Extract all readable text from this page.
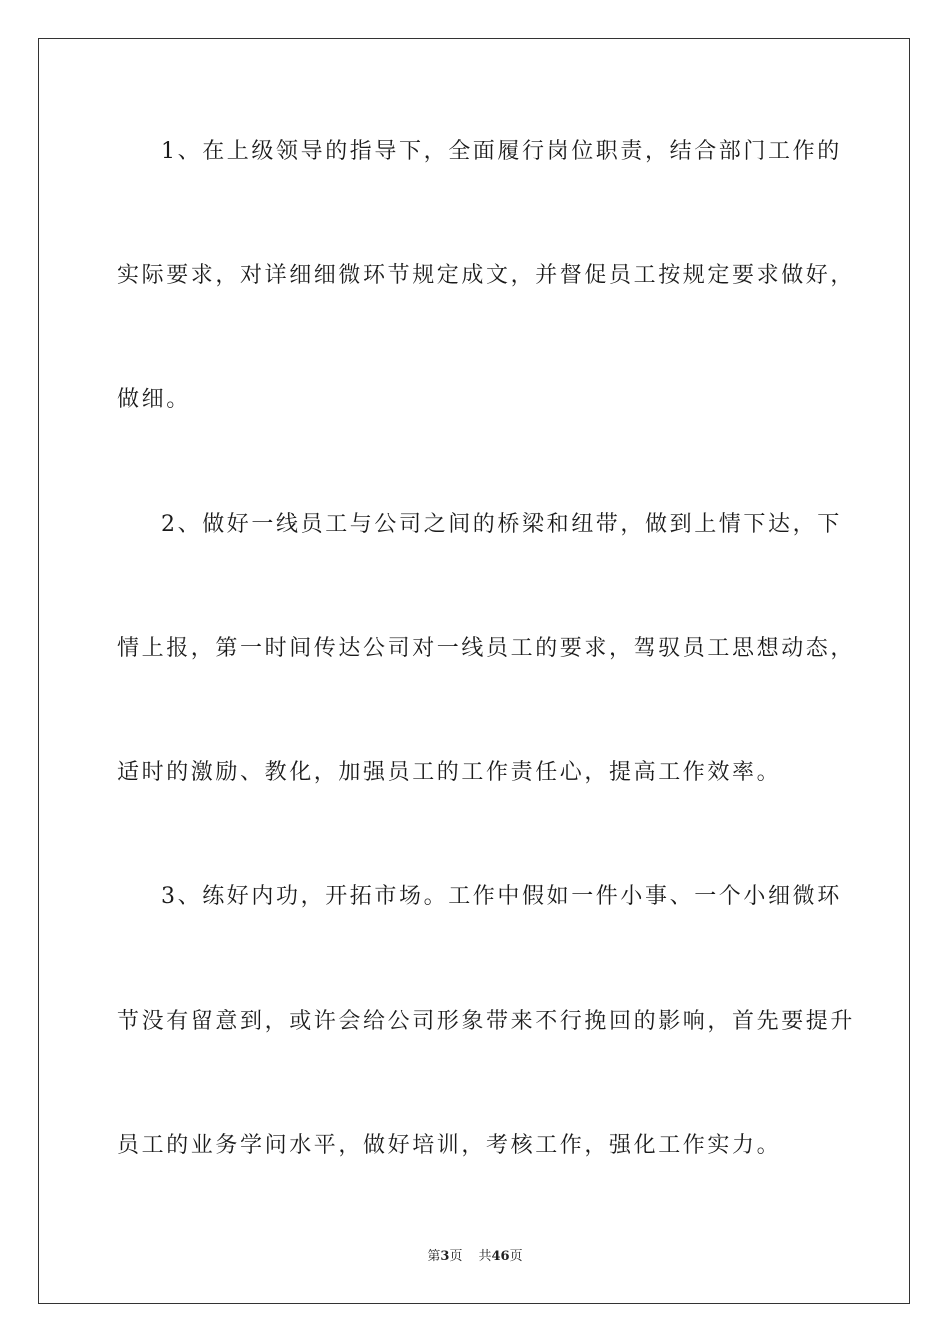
1、在上级领导的指导下，全面履行岗位职责，结合部门工作的
实际要求，对详细细微环节规定成文，并督促员工按规定要求做好，
做细。
2、做好一线员工与公司之间的桥梁和纽带，做到上情下达，下
情上报，第一时间传达公司对一线员工的要求，驾驭员工思想动态，
适时的激励、教化，加强员工的工作责任心，提高工作效率。
3、练好内功，开拓市场。工作中假如一件小事、一个小细微环
节没有留意到，或许会给公司形象带来不行挽回的影响，首先要提升
员工的业务学问水平，做好培训，考核工作，强化工作实力。
第3页 共46页
